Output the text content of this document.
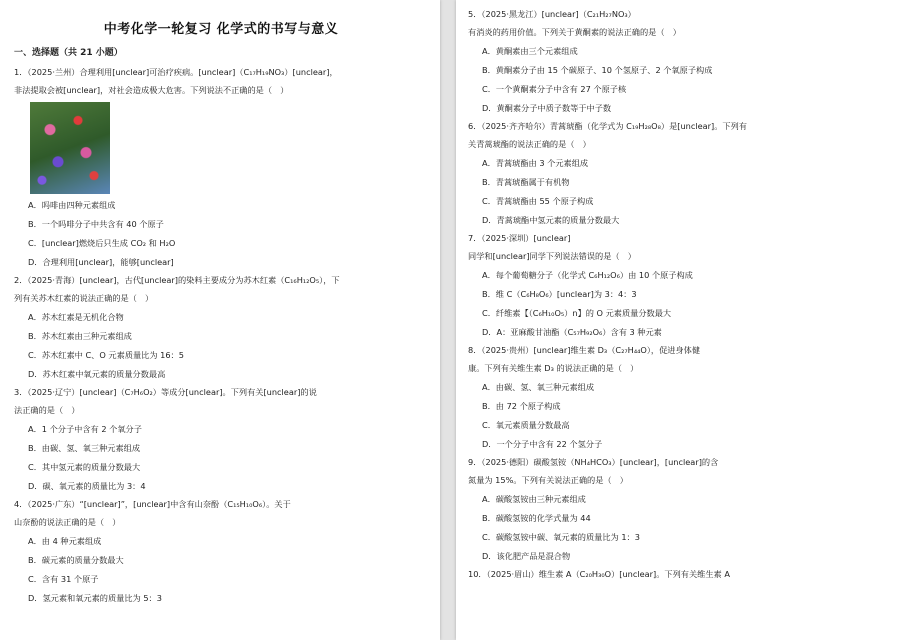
中考化学一轮复习 化学式的书写与意义
一、选择题（共 21 小题）
1．（2025·兰州）合理利用[unclear]可治疗疾病。[unclear]（C₁₇H₁₉NO₃）[unclear]，
非法提取会被[unclear]，对社会造成极大危害。下列说法不正确的是（　）
A．吗啡由四种元素组成
B．一个吗啡分子中共含有 40 个原子
C．[unclear]燃烧后只生成 CO₂ 和 H₂O
D．合理利用[unclear]，能够[unclear]
2．（2025·青海）[unclear]，古代[unclear]的染料主要成分为苏木红素（C₁₆H₁₂O₅），下
列有关苏木红素的说法正确的是（　）
A．苏木红素是无机化合物
B．苏木红素由三种元素组成
C．苏木红素中 C、O 元素质量比为 16：5
D．苏木红素中氧元素的质量分数最高
3．（2025·辽宁）[unclear]（C₇H₆O₂）等成分[unclear]。下列有关[unclear]的说
法正确的是（　）
A．1 个分子中含有 2 个氧分子
B．由碳、氢、氧三种元素组成
C．其中氢元素的质量分数最大
D．碳、氧元素的质量比为 3：4
4．（2025·广东）“[unclear]”，[unclear]中含有山奈酚（C₁₅H₁₀O₆）。关于
山奈酚的说法正确的是（　）
A．由 4 种元素组成
B．碳元素的质量分数最大
C．含有 31 个原子
D．氢元素和氧元素的质量比为 5：3
5．（2025·黑龙江）[unclear]（C₂₁H₂₇NO₃）
有消炎的药用价值。下列关于黄酮素的说法正确的是（　）
A．黄酮素由三个元素组成
B．黄酮素分子由 15 个碳原子、10 个氢原子、2 个氧原子构成
C．一个黄酮素分子中含有 27 个原子核
D．黄酮素分子中质子数等于中子数
6．（2025·齐齐哈尔）青蒿琥酯（化学式为 C₁₉H₂₈O₈）是[unclear]。下列有
关青蒿琥酯的说法正确的是（　）
A．青蒿琥酯由 3 个元素组成
B．青蒿琥酯属于有机物
C．青蒿琥酯由 55 个原子构成
D．青蒿琥酯中氢元素的质量分数最大
7．（2025·深圳）[unclear]
同学和[unclear]同学下列说法错误的是（　）
A．每个葡萄糖分子（化学式 C₆H₁₂O₆）由 10 个原子构成
B．维 C（C₆H₈O₆）[unclear]为 3：4：3
C．纤维素【（C₆H₁₀O₅）n】的 O 元素质量分数最大
D．A：亚麻酸甘油酯（C₅₇H₉₂O₆）含有 3 种元素
8．（2025·贵州）[unclear]维生素 D₃（C₂₇H₄₄O），促进身体健
康。下列有关维生素 D₃ 的说法正确的是（　）
A．由碳、氢、氧三种元素组成
B．由 72 个原子构成
C．氧元素质量分数最高
D．一个分子中含有 22 个氢分子
9．（2025·德阳）碳酸氢铵（NH₄HCO₃）[unclear]，[unclear]的含
氮量为 15%。下列有关说法正确的是（　）
A．碳酸氢铵由三种元素组成
B．碳酸氢铵的化学式量为 44
C．碳酸氢铵中碳、氧元素的质量比为 1：3
D．该化肥产品是混合物
10．（2025·眉山）维生素 A（C₂₀H₃₀O）[unclear]。下列有关维生素 A
